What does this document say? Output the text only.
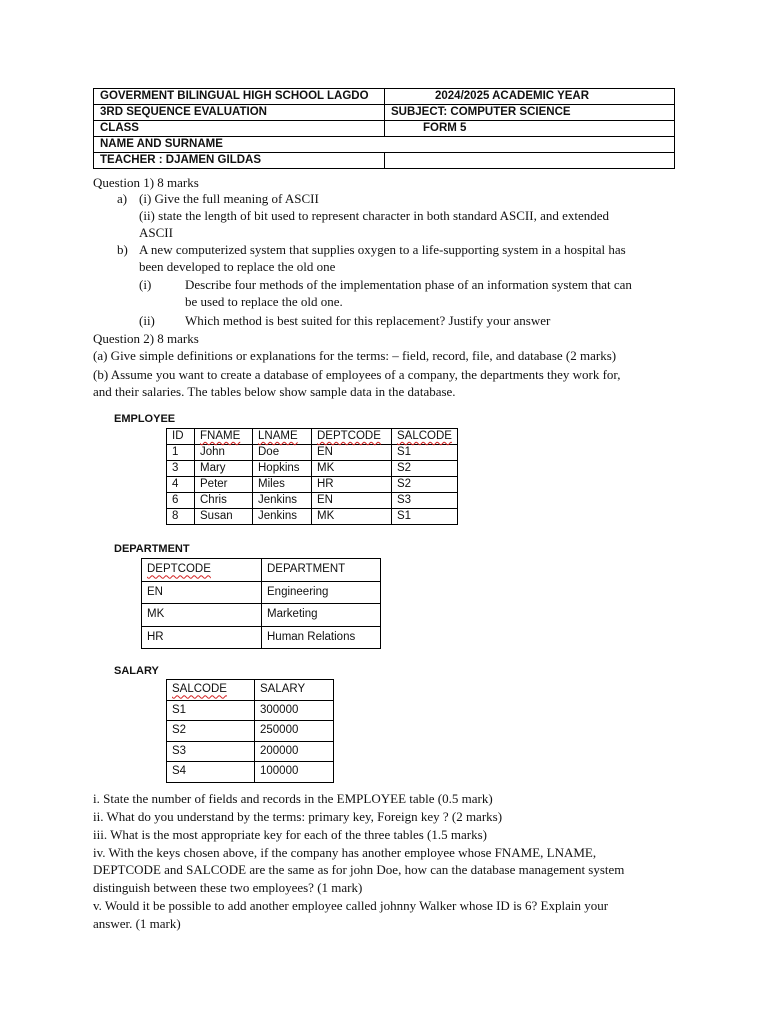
GOVERMENT BILINGUAL HIGH SCHOOL LAGDO	2024/2025 ACADEMIC YEAR
3RD SEQUENCE EVALUATION	SUBJECT: COMPUTER SCIENCE
CLASS	FORM 5
NAME AND SURNAME	
TEACHER : DJAMEN GILDAS	
Question 1) 8 marks
a) (i) Give the full meaning of ASCII
(ii) state the length of bit used to represent character in both standard ASCII, and extended
ASCII
b) A new computerized system that supplies oxygen to a life-supporting system in a hospital has
been developed to replace the old one
(i)	Describe four methods of the implementation phase of an information system that can
be used to replace the old one.
(ii) Which method is best suited for this replacement? Justify your answer
Question 2) 8 marks
(a) Give simple definitions or explanations for the terms: – field, record, file, and database (2 marks)
(b) Assume you want to create a database of employees of a company, the departments they work for,
and their salaries. The tables below show sample data in the database.
EMPLOYEE
ID	FNAME	LNAME	DEPTCODE	SALCODE
1	John	Doe	EN	S1
3	Mary	Hopkins	MK	S2
4	Peter	Miles	HR	S2
6	Chris	Jenkins	EN	S3
8	Susan	Jenkins	MK	S1
DEPARTMENT
DEPTCODE	DEPARTMENT
EN	Engineering
MK	Marketing
HR	Human Relations
SALARY
SALCODE	SALARY
S1	300000
S2	250000
S3	200000
S4	100000
i. State the number of fields and records in the EMPLOYEE table (0.5 mark)
ii. What do you understand by the terms: primary key, Foreign key ? (2 marks)
iii. What is the most appropriate key for each of the three tables (1.5 marks)
iv. With the keys chosen above, if the company has another employee whose FNAME, LNAME,
DEPTCODE and SALCODE are the same as for john Doe, how can the database management system
distinguish between these two employees? (1 mark)
v. Would it be possible to add another employee called johnny Walker whose ID is 6? Explain your
answer. (1 mark)
